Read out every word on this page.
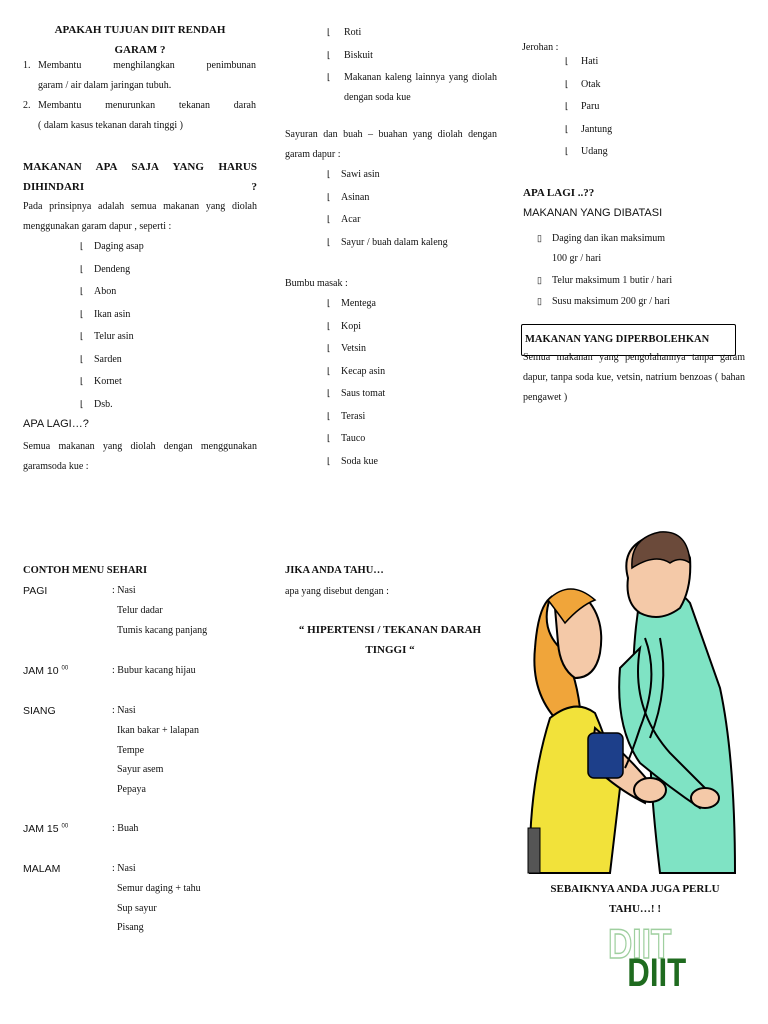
APAKAH TUJUAN DIIT RENDAH GARAM ?
1. Membantu menghilangkan penimbunan
garam / air dalam jaringan tubuh.
2. Membantu menurunkan tekanan darah
( dalam kasus tekanan darah tinggi )
MAKANAN APA SAJA YANG HARUS DIHINDARI ?
Pada prinsipnya adalah semua makanan yang diolah menggunakan garam dapur , seperti :
⌊ Daging asap
⌊ Dendeng
⌊ Abon
⌊ Ikan asin
⌊ Telur asin
⌊ Sarden
⌊ Kornet
⌊ Dsb.
APA LAGI…?
Semua makanan yang diolah dengan menggunakan garamsoda kue :
⌊	Roti
⌊	Biskuit
⌊	Makanan kaleng lainnya yang diolah dengan soda kue
Sayuran dan buah – buahan yang diolah dengan garam dapur :
⌊ Sawi asin
⌊ Asinan
⌊ Acar
⌊ Sayur / buah dalam kaleng
Bumbu masak :
⌊ Mentega
⌊ Kopi
⌊ Vetsin
⌊ Kecap asin
⌊ Saus tomat
⌊ Terasi
⌊ Tauco
⌊ Soda kue
Jerohan :
⌊ Hati
⌊ Otak
⌊ Paru
⌊ Jantung
⌊ Udang
APA LAGI ..??
MAKANAN YANG DIBATASI
▯ Daging dan ikan maksimum
100 gr / hari
▯ Telur maksimum 1 butir / hari
▯ Susu maksimum 200 gr / hari
MAKANAN YANG DIPERBOLEHKAN
Semua makanan yang pengolahannya tanpa garam dapur, tanpa soda kue, vetsin, natrium benzoas ( bahan pengawet )
CONTOH MENU SEHARI
PAGI	: Nasi
Telur dadar
Tumis kacang panjang
JAM 10 $^{00}$	: Bubur kacang hijau
SIANG	: Nasi
Ikan bakar + lalapan
Tempe
Sayur asem
Pepaya
JAM 15 $^{00}$	: Buah
MALAM	: Nasi
Semur daging + tahu
Sup sayur
Pisang
JIKA ANDA TAHU…
apa yang disebut dengan :
“ HIPERTENSI / TEKANAN DARAH
TINGGI “
SEBAIKNYA ANDA JUGA PERLU
TAHU…! !
DIIT
DIIT
